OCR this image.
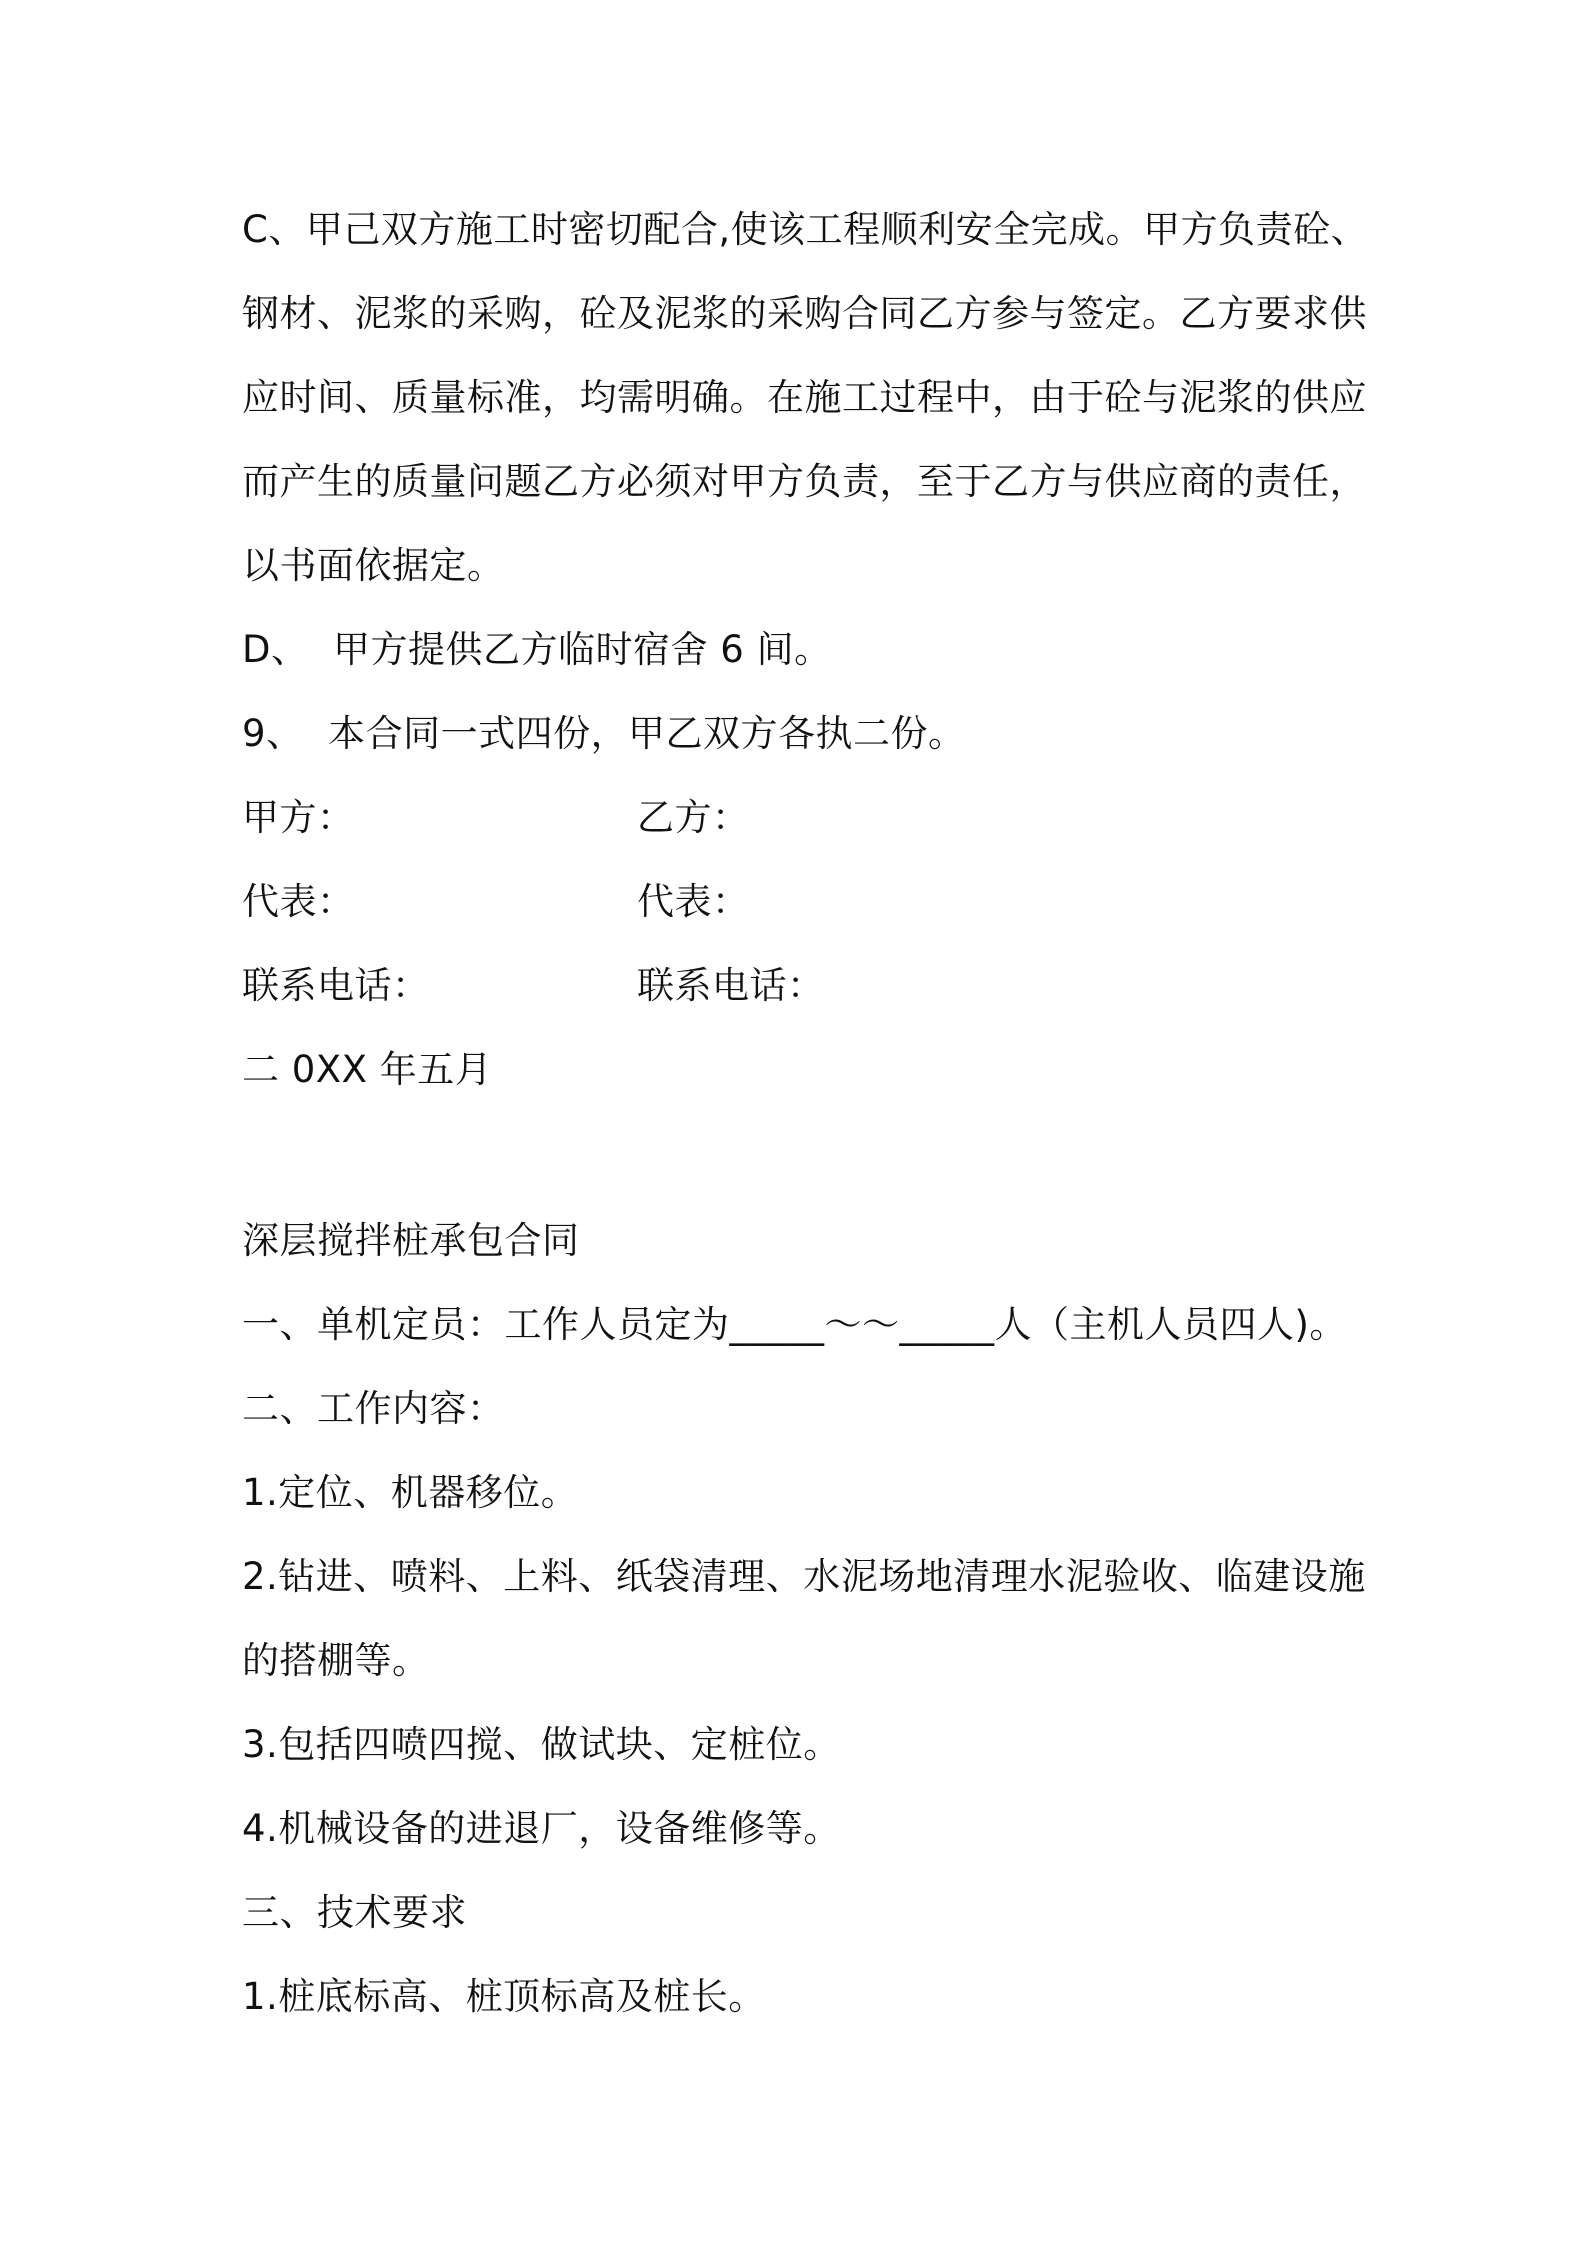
C、甲己双方施工时密切配合,使该工程顺利安全完成。甲方负责砼、
钢材、泥浆的采购，砼及泥浆的采购合同乙方参与签定。乙方要求供
应时间、质量标准，均需明确。在施工过程中，由于砼与泥浆的供应
而产生的质量问题乙方必须对甲方负责，至于乙方与供应商的责任，
以书面依据定。
D、  甲方提供乙方临时宿舍 6 间。
9、  本合同一式四份，甲乙双方各执二份。
甲方：	乙方：
代表：	代表：
联系电话：	联系电话：
二 0XX 年五月
深层搅拌桩承包合同
一、单机定员：工作人员定为_____～～_____人（主机人员四人)。
二、工作内容：
1.定位、机器移位。
2.钻进、喷料、上料、纸袋清理、水泥场地清理水泥验收、临建设施
的搭棚等。
3.包括四喷四搅、做试块、定桩位。
4.机械设备的进退厂，设备维修等。
三、技术要求
1.桩底标高、桩顶标高及桩长。
